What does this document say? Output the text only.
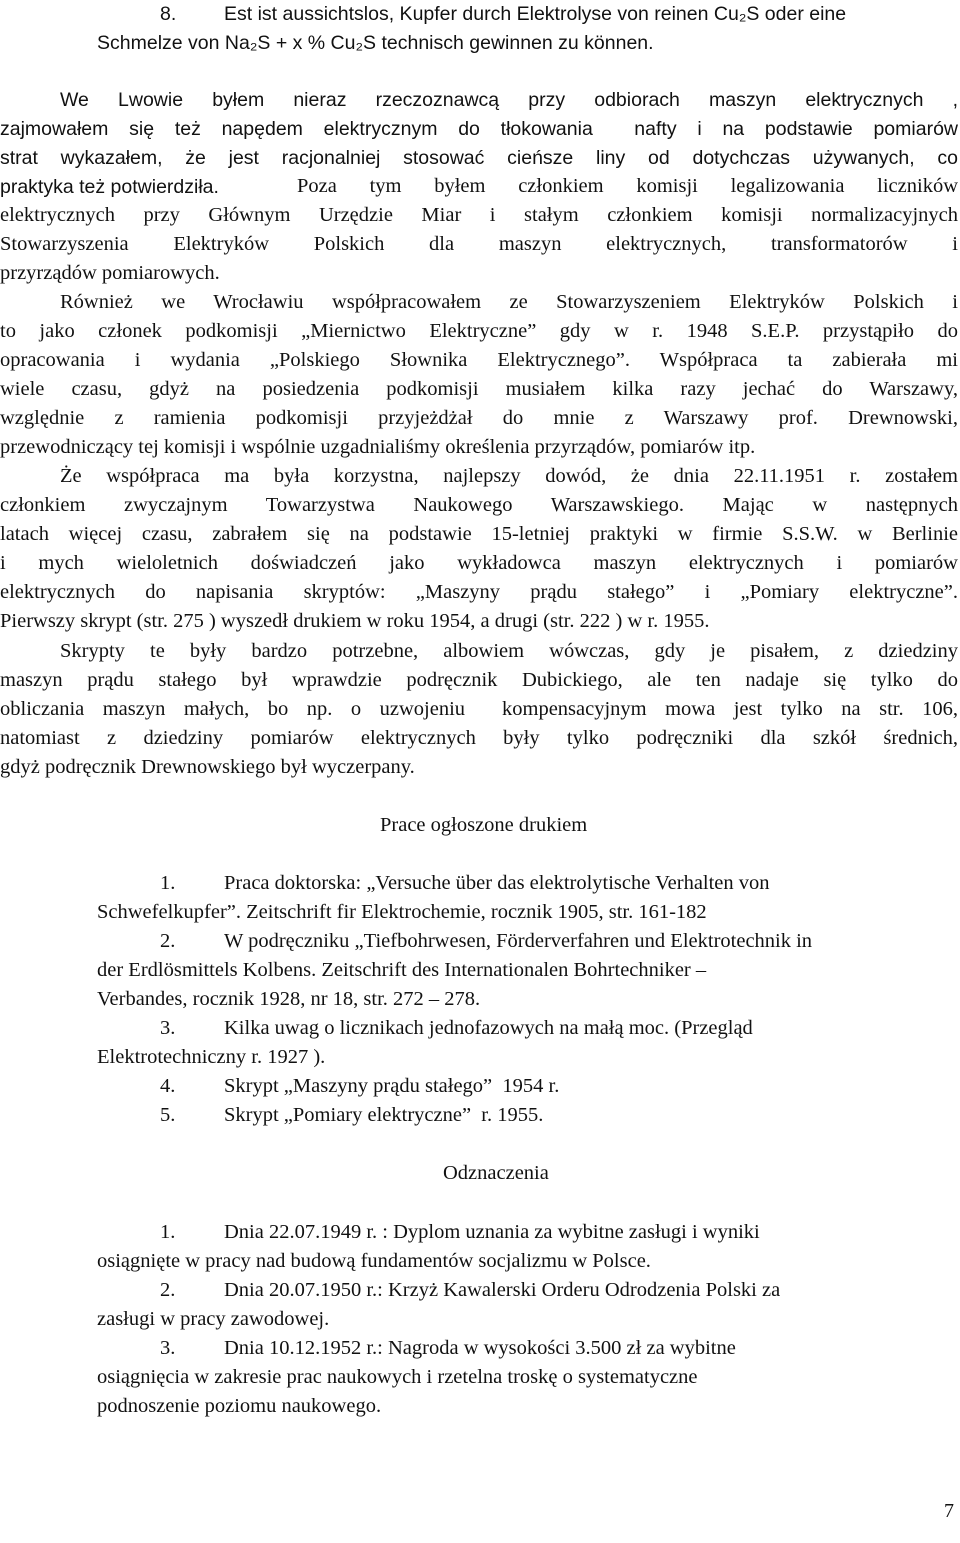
8. Est ist aussichtslos, Kupfer durch Elektrolyse von reinen Cu₂S oder eine
Schmelze von Na₂S + x % Cu₂S technisch gewinnen zu können.
We Lwowie byłem nieraz rzeczoznawcą przy odbiorach maszyn elektrycznych ,
zajmowałem się też napędem elektrycznym do tłokowania  nafty i na podstawie pomiarów
strat wykazałem, że jest racjonalniej stosować cieńsze liny od dotychczas używanych, co
praktyka też potwierdziła.	Poza tym byłem członkiem komisji legalizowania liczników
elektrycznych przy Głównym Urzędzie Miar i stałym członkiem komisji normalizacyjnych
Stowarzyszenia Elektryków Polskich dla maszyn elektrycznych, transformatorów i
przyrządów pomiarowych.
Również we Wrocławiu współpracowałem ze Stowarzyszeniem Elektryków Polskich i
to jako członek podkomisji „Miernictwo Elektryczne” gdy w r. 1948 S.E.P. przystąpiło do
opracowania i wydania „Polskiego Słownika Elektrycznego”. Współpraca ta zabierała mi
wiele czasu, gdyż na posiedzenia podkomisji musiałem kilka razy jechać do Warszawy,
względnie z ramienia podkomisji przyjeżdżał do mnie z Warszawy prof. Drewnowski,
przewodniczący tej komisji i wspólnie uzgadnialiśmy określenia przyrządów, pomiarów itp.
Że współpraca ma była korzystna, najlepszy dowód, że dnia 22.11.1951 r. zostałem
członkiem zwyczajnym Towarzystwa Naukowego Warszawskiego. Mając w następnych
latach więcej czasu, zabrałem się na podstawie 15-letniej praktyki w firmie S.S.W. w Berlinie
i mych wieloletnich doświadczeń jako wykładowca maszyn elektrycznych i pomiarów
elektrycznych do napisania skryptów: „Maszyny prądu stałego” i „Pomiary elektryczne”.
Pierwszy skrypt (str. 275 ) wyszedł drukiem w roku 1954, a drugi (str. 222 ) w r. 1955.
Skrypty te były bardzo potrzebne, albowiem wówczas, gdy je pisałem, z dziedziny
maszyn prądu stałego był wprawdzie podręcznik Dubickiego, ale ten nadaje się tylko do
obliczania maszyn małych, bo np. o uzwojeniu  kompensacyjnym mowa jest tylko na str. 106,
natomiast z dziedziny pomiarów elektrycznych były tylko podręczniki dla szkół średnich,
gdyż podręcznik Drewnowskiego był wyczerpany.
Prace ogłoszone drukiem
1. Praca doktorska: „Versuche über das elektrolytische Verhalten von
Schwefelkupfer”. Zeitschrift fir Elektrochemie, rocznik 1905, str. 161-182
2. W podręczniku „Tiefbohrwesen, Förderverfahren und Elektrotechnik in
der Erdlösmittels Kolbens. Zeitschrift des Internationalen Bohrtechniker –
Verbandes, rocznik 1928, nr 18, str. 272 – 278.
3. Kilka uwag o licznikach jednofazowych na małą moc. (Przegląd
Elektrotechniczny r. 1927 ).
4. Skrypt „Maszyny prądu stałego”  1954 r.
5. Skrypt „Pomiary elektryczne”  r. 1955.
Odznaczenia
1. Dnia 22.07.1949 r. : Dyplom uznania za wybitne zasługi i wyniki
osiągnięte w pracy nad budową fundamentów socjalizmu w Polsce.
2. Dnia 20.07.1950 r.: Krzyż Kawalerski Orderu Odrodzenia Polski za
zasługi w pracy zawodowej.
3. Dnia 10.12.1952 r.: Nagroda w wysokości 3.500 zł za wybitne
osiągnięcia w zakresie prac naukowych i rzetelna troskę o systematyczne
podnoszenie poziomu naukowego.
7
